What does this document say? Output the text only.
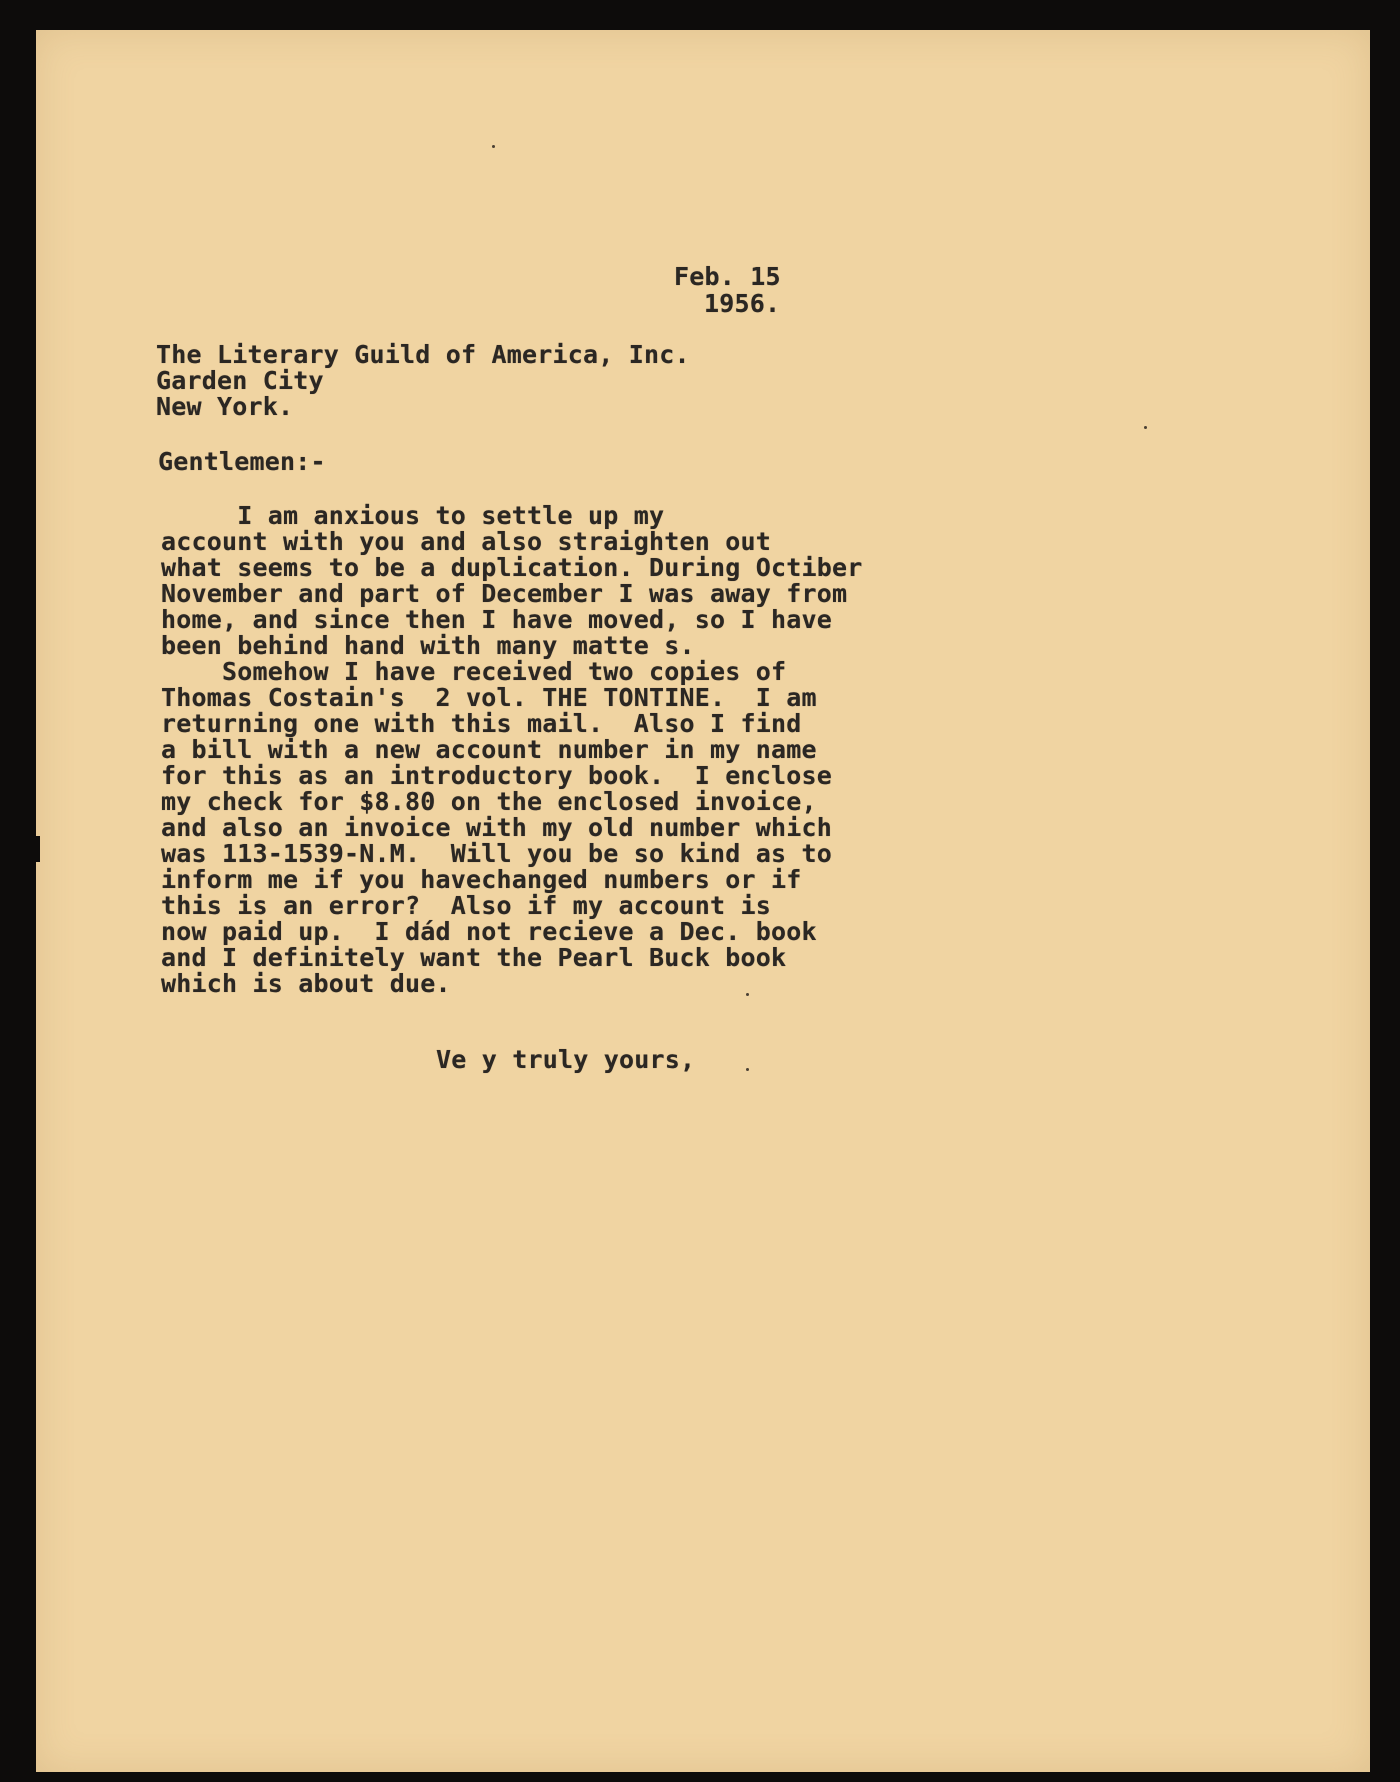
Feb. 15

1956.

The Literary Guild of America, Inc.

Garden City

New York.

Gentlemen:-

I am anxious to settle up my

account with you and also straighten out

what seems to be a duplication. During Octiber

November and part of December I was away from

home, and since then I have moved, so I have

been behind hand with many matte s.

Somehow I have received two copies of

Thomas Costain's  2 vol. THE TONTINE.  I am

returning one with this mail.  Also I find

a bill with a new account number in my name

for this as an introductory book.  I enclose

my check for $8.80 on the enclosed invoice,

and also an invoice with my old number which

was 113-1539-N.M.  Will you be so kind as to

inform me if you havechanged numbers or if

this is an error?  Also if my account is

now paid up.  I dád not recieve a Dec. book

and I definitely want the Pearl Buck book

which is about due.

Ve y truly yours,
